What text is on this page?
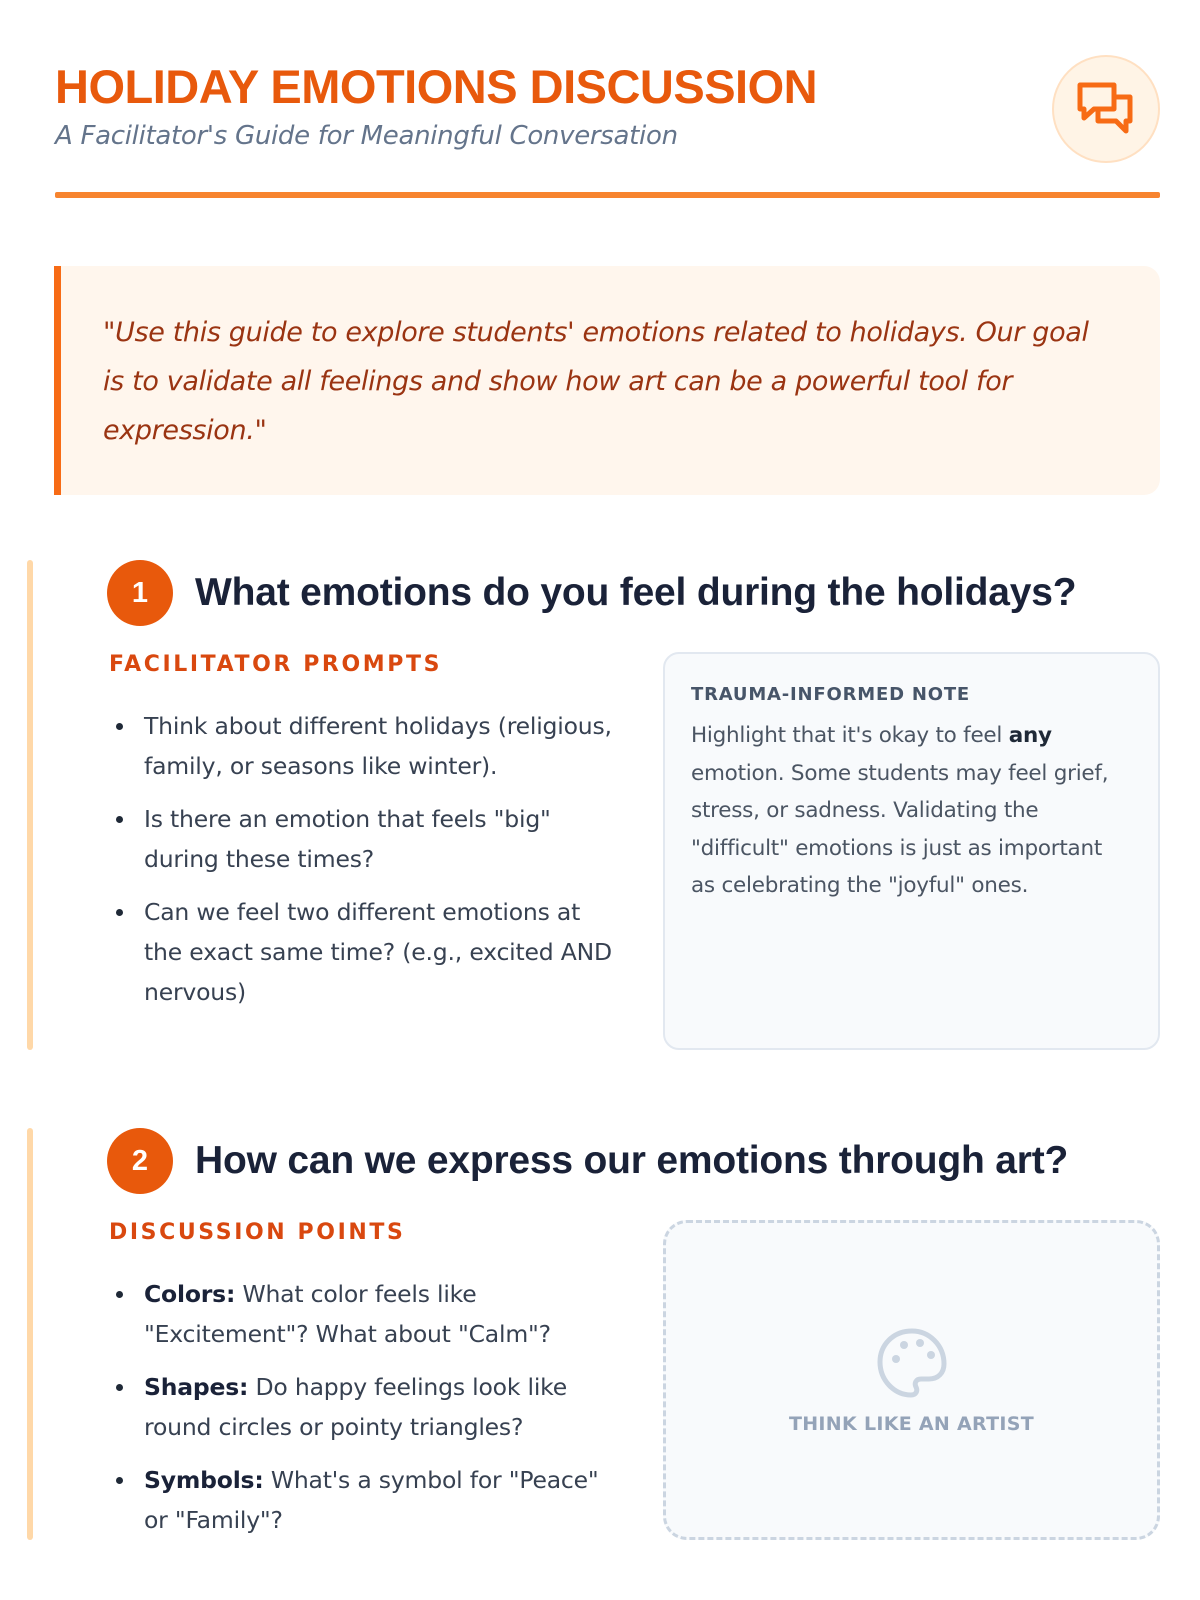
HOLIDAY EMOTIONS DISCUSSION
A Facilitator's Guide for Meaningful Conversation

"Use this guide to explore students' emotions related to holidays. Our goal is to validate all feelings and show how art can be a powerful tool for expression."

1	What emotions do you feel during the holidays?
FACILITATOR PROMPTS
Think about different holidays (religious, family, or seasons like winter).
Is there an emotion that feels "big" during these times?
Can we feel two different emotions at the exact same time? (e.g., excited AND nervous)
TRAUMA-INFORMED NOTE
Highlight that it's okay to feel any emotion. Some students may feel grief, stress, or sadness. Validating the "difficult" emotions is just as important as celebrating the "joyful" ones.
2	How can we express our emotions through art?
DISCUSSION POINTS
Colors: What color feels like "Excitement"? What about "Calm"?
Shapes: Do happy feelings look like round circles or pointy triangles?
Symbols: What's a symbol for "Peace" or "Family"?
THINK LIKE AN ARTIST
